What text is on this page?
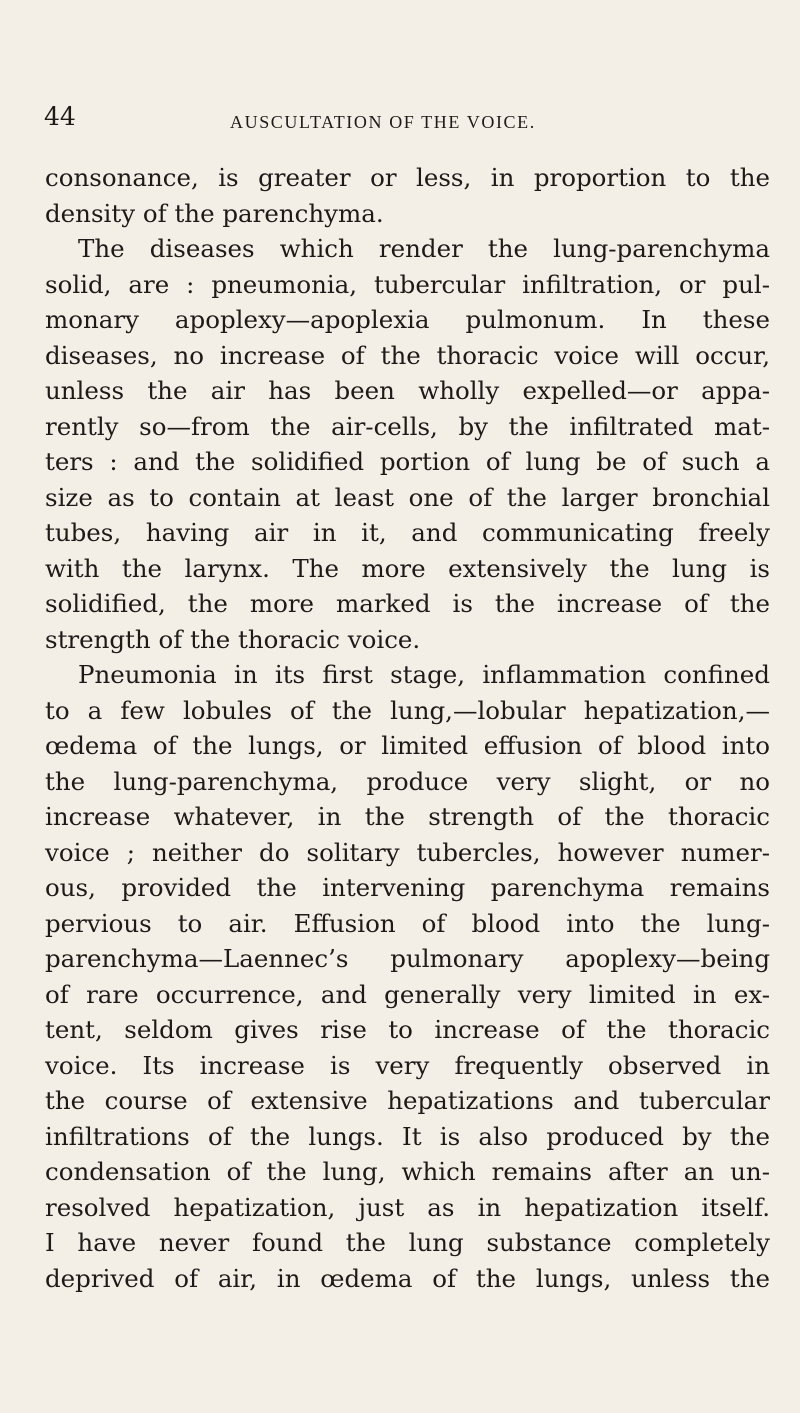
44	AUSCULTATION OF THE VOICE.
consonance, is greater or less, in proportion to the
density of the parenchyma.
The diseases which render the lung-parenchyma
solid, are : pneumonia, tubercular infiltration, or pul-
monary apoplexy—apoplexia pulmonum. In these
diseases, no increase of the thoracic voice will occur,
unless the air has been wholly expelled—or appa-
rently so—from the air-cells, by the infiltrated mat-
ters : and the solidified portion of lung be of such a
size as to contain at least one of the larger bronchial
tubes, having air in it, and communicating freely
with the larynx. The more extensively the lung is
solidified, the more marked is the increase of the
strength of the thoracic voice.
Pneumonia in its first stage, inflammation confined
to a few lobules of the lung,—lobular hepatization,—
œdema of the lungs, or limited effusion of blood into
the lung-parenchyma, produce very slight, or no
increase whatever, in the strength of the thoracic
voice ; neither do solitary tubercles, however numer-
ous, provided the intervening parenchyma remains
pervious to air. Effusion of blood into the lung-
parenchyma—Laennec’s pulmonary apoplexy—being
of rare occurrence, and generally very limited in ex-
tent, seldom gives rise to increase of the thoracic
voice. Its increase is very frequently observed in
the course of extensive hepatizations and tubercular
infiltrations of the lungs. It is also produced by the
condensation of the lung, which remains after an un-
resolved hepatization, just as in hepatization itself.
I have never found the lung substance completely
deprived of air, in œdema of the lungs, unless the
